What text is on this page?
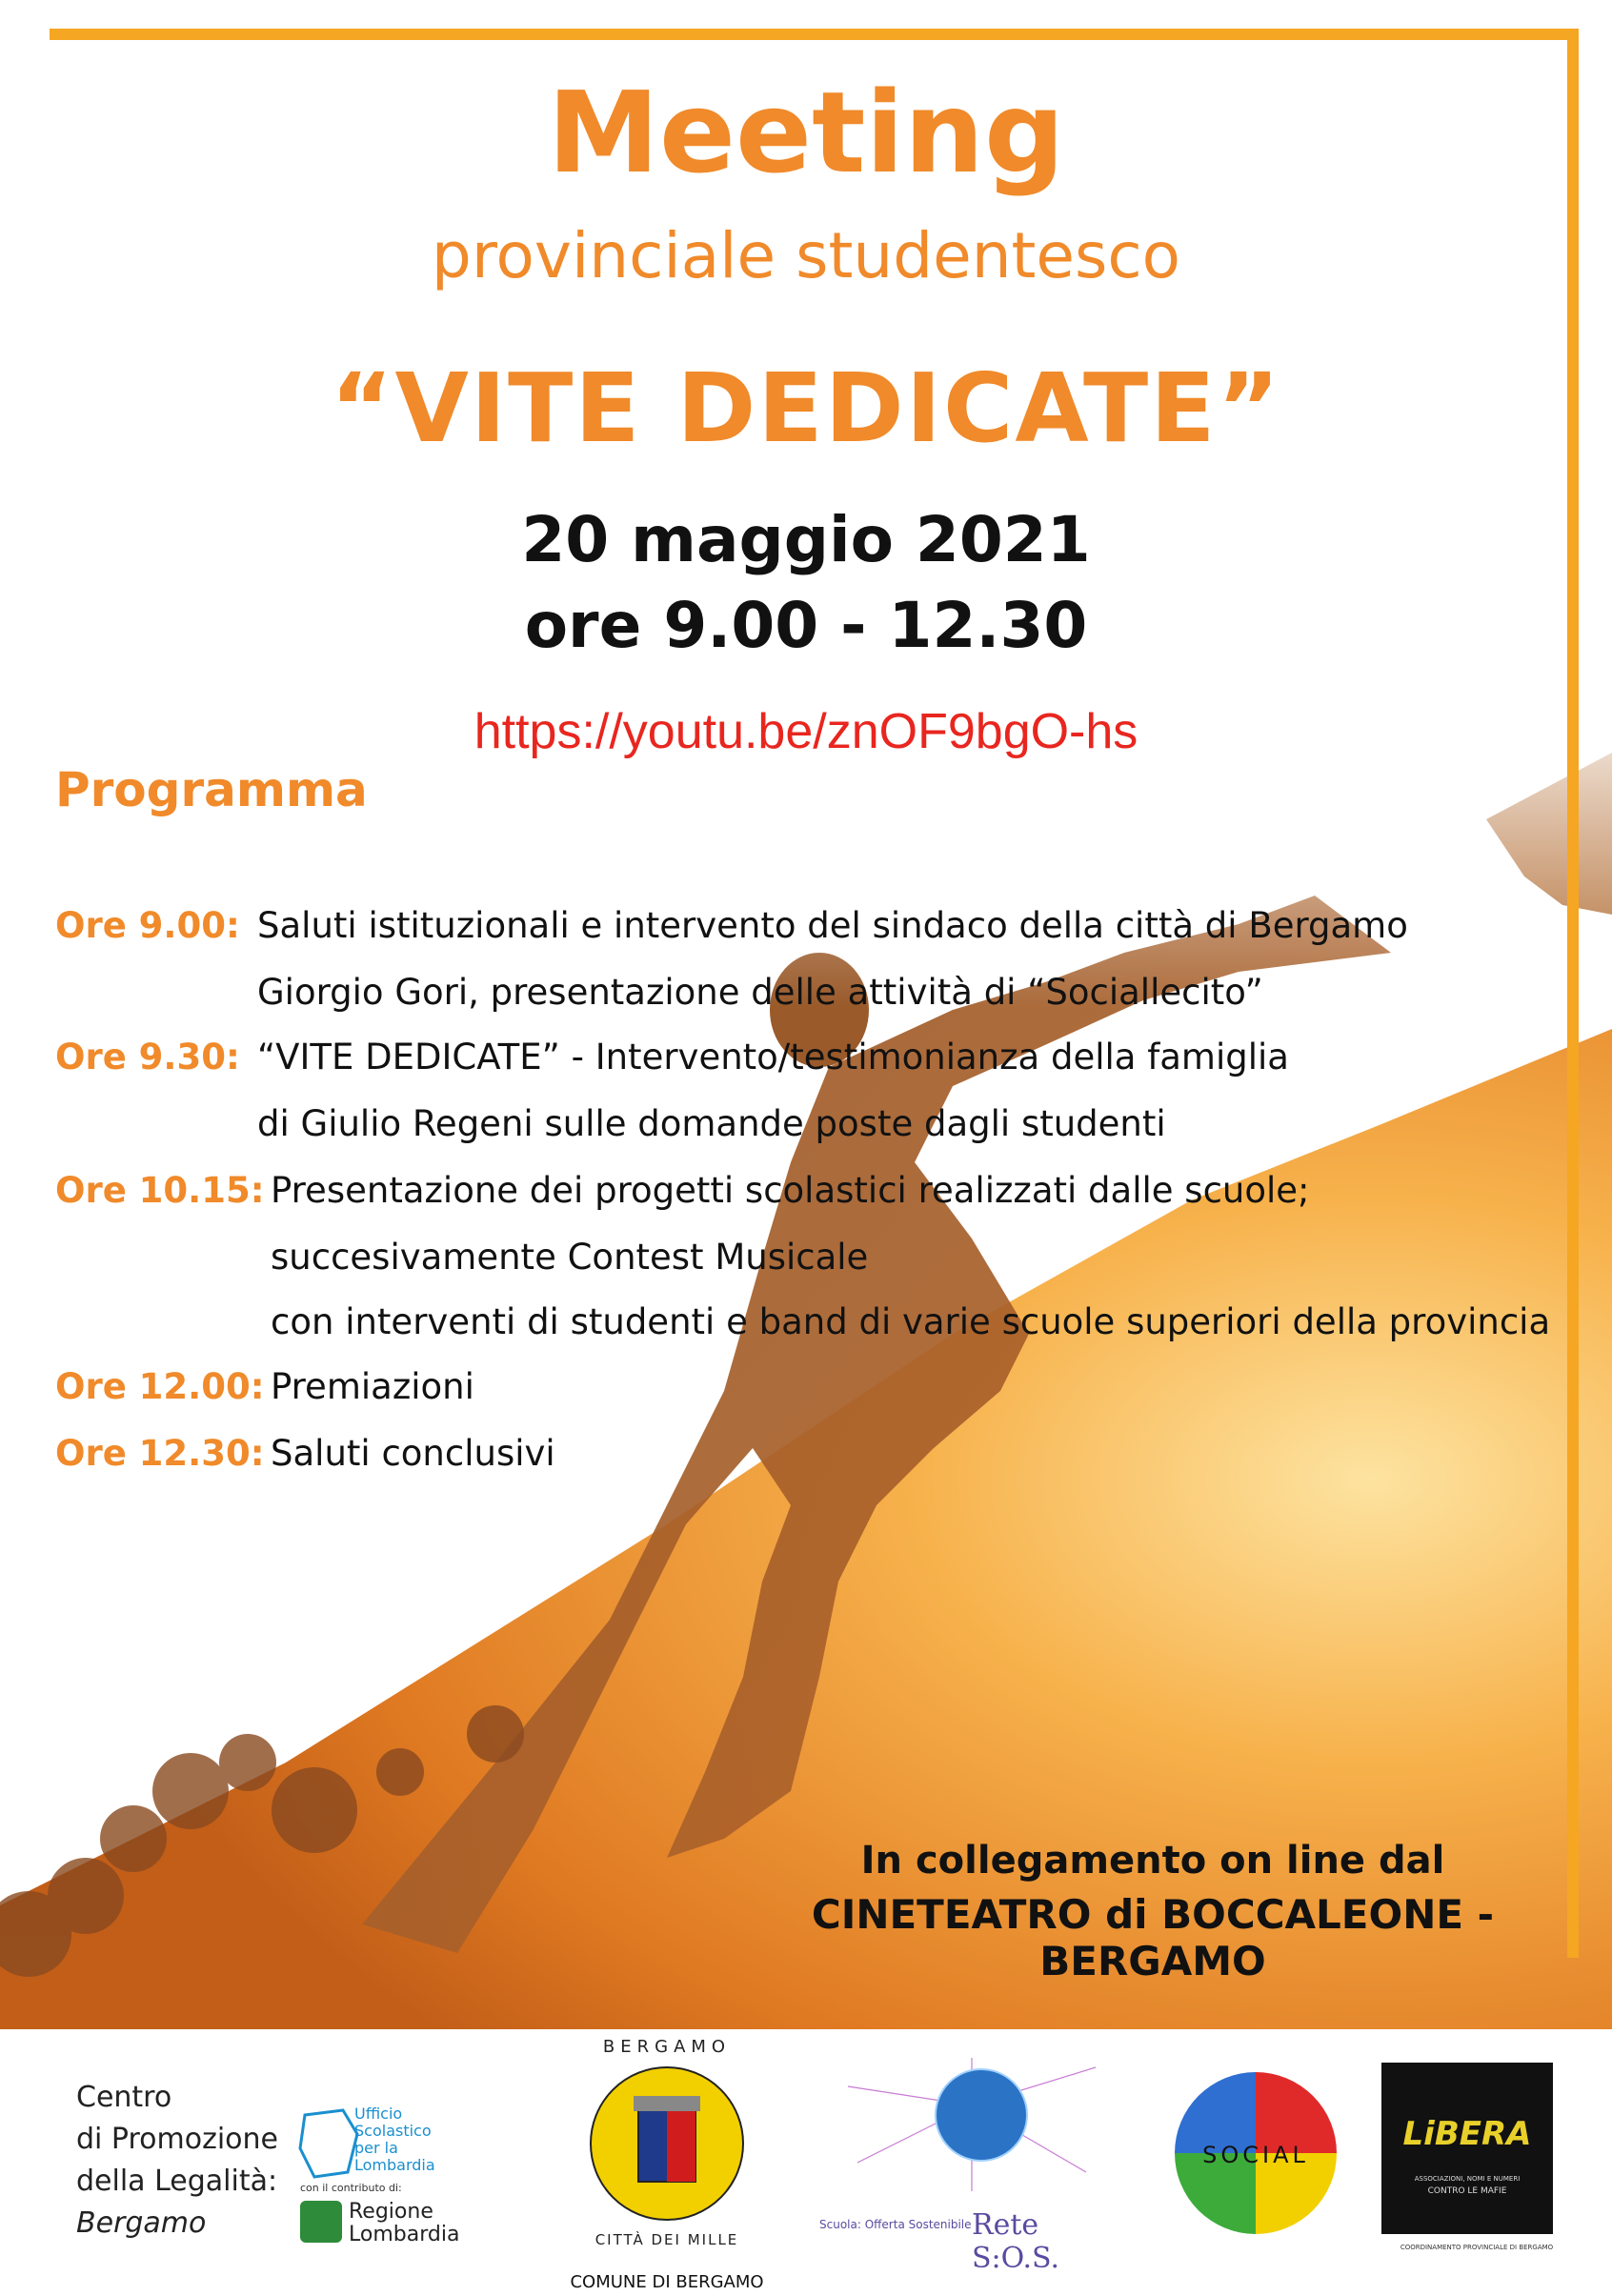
Meeting
provinciale studentesco
“VITE DEDICATE”
20 maggio 2021
ore 9.00 - 12.30
https://youtu.be/znOF9bgO-hs
Programma
Ore 9.00: Saluti istituzionali e intervento del sindaco della città di Bergamo
Giorgio Gori, presentazione delle attività di “Sociallecito”
Ore 9.30: “VITE DEDICATE” - Intervento/testimonianza della famiglia
di Giulio Regeni sulle domande poste dagli studenti
Ore 10.15: Presentazione dei progetti scolastici realizzati dalle scuole;
succesivamente Contest Musicale
con interventi di studenti e band di varie scuole superiori della provincia
Ore 12.00: Premiazioni
Ore 12.30: Saluti conclusivi
In collegamento on line dal
CINETEATRO di BOCCALEONE - BERGAMO
Centro
di Promozione
della Legalità:
Bergamo
Ufficio
Scolastico
per la
Lombardia
con il contributo di:
Regione
Lombardia
BERGAMO
CITTÀ DEI MILLE
COMUNE DI BERGAMO
Scuola: Offerta Sostenibile Rete S:O.S.
SOCIAL
LiBERA
ASSOCIAZIONI, NOMI E NUMERI
CONTRO LE MAFIE
COORDINAMENTO PROVINCIALE DI BERGAMO
